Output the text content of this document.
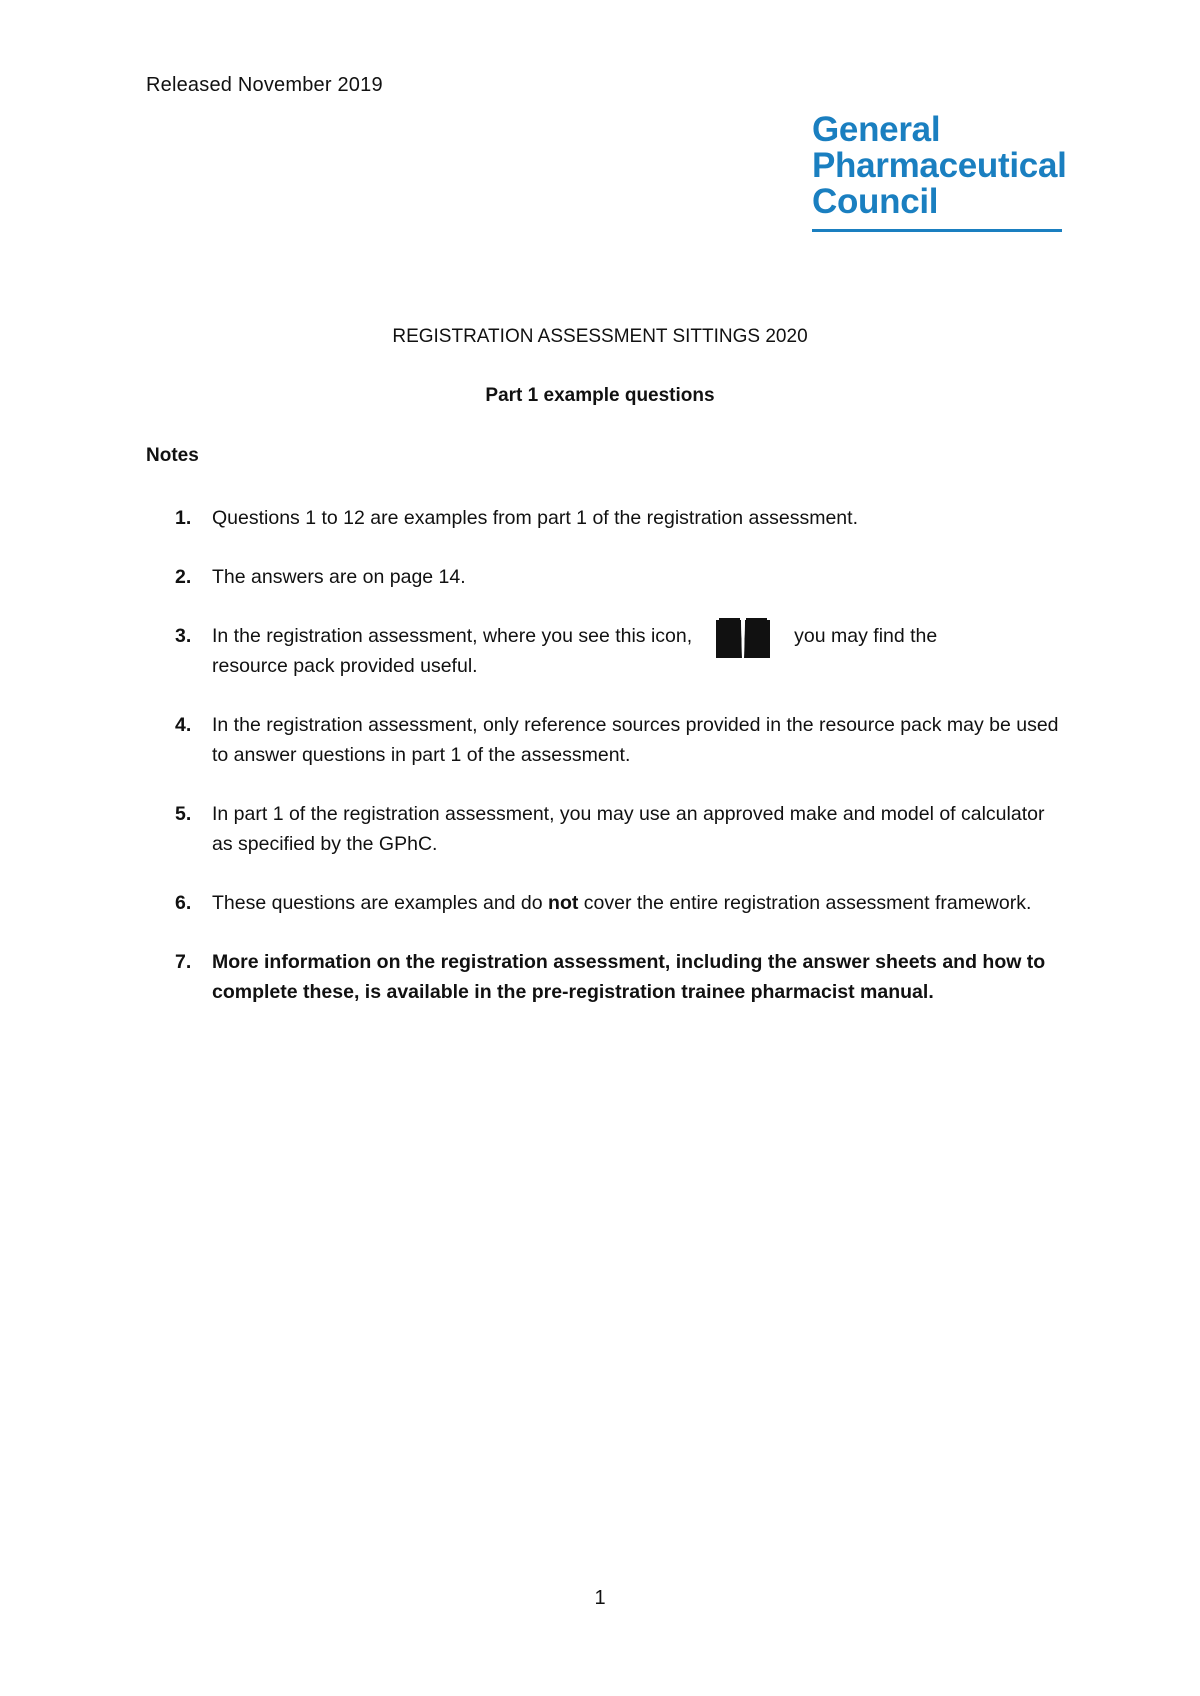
Released November 2019
General
Pharmaceutical
Council
REGISTRATION ASSESSMENT SITTINGS 2020
Part 1 example questions
Notes
1. Questions 1 to 12 are examples from part 1 of the registration assessment.
2. The answers are on page 14.
3. In the registration assessment, where you see this icon,	you may find the
resource pack provided useful.
4. In the registration assessment, only reference sources provided in the resource pack may be used to answer questions in part 1 of the assessment.
5. In part 1 of the registration assessment, you may use an approved make and model of calculator as specified by the GPhC.
6. These questions are examples and do not cover the entire registration assessment framework.
7. More information on the registration assessment, including the answer sheets and how to complete these, is available in the pre-registration trainee pharmacist manual.
1
